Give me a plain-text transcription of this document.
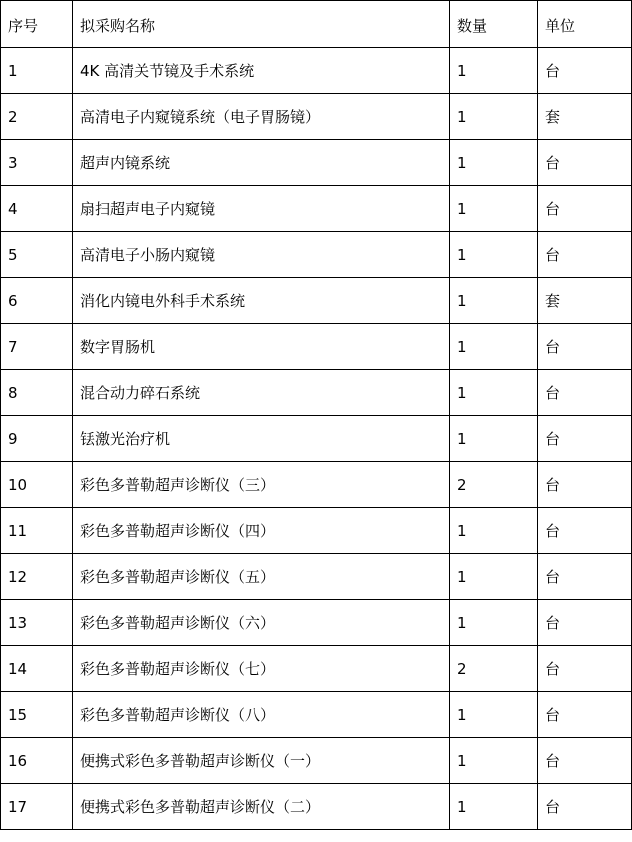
序号	拟采购名称	数量	单位
1	4K 高清关节镜及手术系统	1	台
2	高清电子内窥镜系统（电子胃肠镜）	1	套
3	超声内镜系统	1	台
4	扇扫超声电子内窥镜	1	台
5	高清电子小肠内窥镜	1	台
6	消化内镜电外科手术系统	1	套
7	数字胃肠机	1	台
8	混合动力碎石系统	1	台
9	铥激光治疗机	1	台
10	彩色多普勒超声诊断仪（三）	2	台
11	彩色多普勒超声诊断仪（四）	1	台
12	彩色多普勒超声诊断仪（五）	1	台
13	彩色多普勒超声诊断仪（六）	1	台
14	彩色多普勒超声诊断仪（七）	2	台
15	彩色多普勒超声诊断仪（八）	1	台
16	便携式彩色多普勒超声诊断仪（一）	1	台
17	便携式彩色多普勒超声诊断仪（二）	1	台
